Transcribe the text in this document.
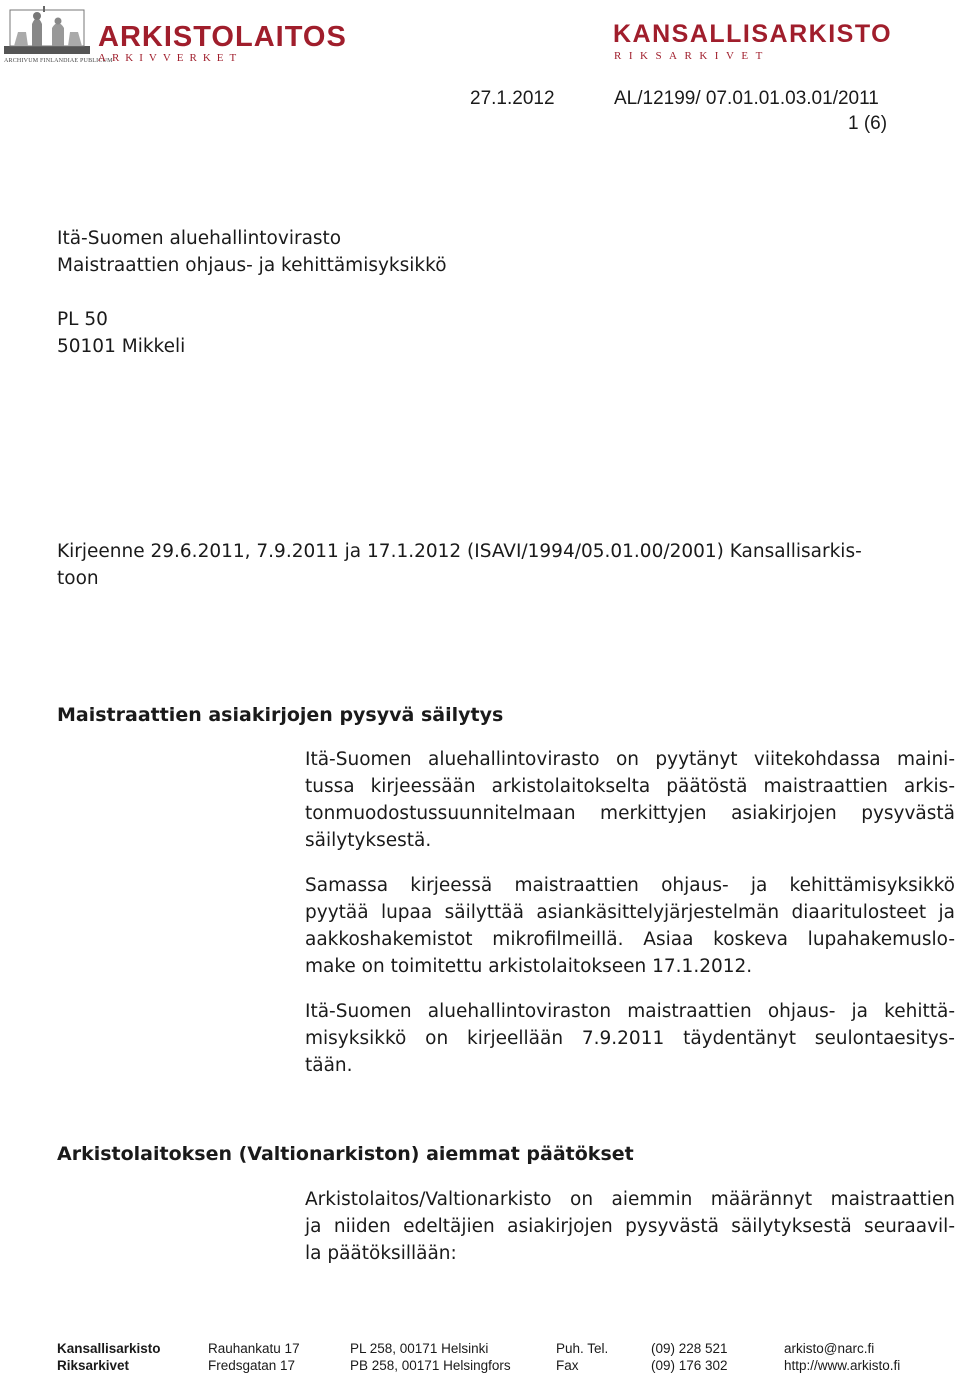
ARCHIVUM FINLANDIAE PUBLICUM
ARKISTOLAITOS
ARKIVVERKET
KANSALLISARKISTO
RIKSARKIVET
27.1.2012	AL/12199/ 07.01.01.03.01/2011
1 (6)
Itä-Suomen aluehallintovirasto
Maistraattien ohjaus- ja kehittämisyksikkö
PL 50
50101 Mikkeli
Kirjeenne 29.6.2011, 7.9.2011 ja 17.1.2012 (ISAVI/1994/05.01.00/2001) Kansallisarkis-
toon
Maistraattien asiakirjojen pysyvä säilytys
Itä-Suomen aluehallintovirasto on pyytänyt viitekohdassa maini-
tussa kirjeessään arkistolaitokselta päätöstä maistraattien arkis-
tonmuodostussuunnitelmaan merkittyjen asiakirjojen pysyvästä
säilytyksestä.
Samassa kirjeessä maistraattien ohjaus- ja kehittämisyksikkö
pyytää lupaa säilyttää asiankäsittelyjärjestelmän diaaritulosteet ja
aakkoshakemistot mikrofilmeillä. Asiaa koskeva lupahakemuslo-
make on toimitettu arkistolaitokseen 17.1.2012.
Itä-Suomen aluehallintoviraston maistraattien ohjaus- ja kehittä-
misyksikkö on kirjeellään 7.9.2011 täydentänyt seulontaesitys-
tään.
Arkistolaitoksen (Valtionarkiston) aiemmat päätökset
Arkistolaitos/Valtionarkisto on aiemmin määrännyt maistraattien
ja niiden edeltäjien asiakirjojen pysyvästä säilytyksestä seuraavil-
la päätöksillään:
Kansallisarkisto	Rauhankatu 17	PL 258, 00171 Helsinki	Puh. Tel.	(09) 228 521	arkisto@narc.fi
Riksarkivet	Fredsgatan 17	PB 258, 00171 Helsingfors	Fax	(09) 176 302	http://www.arkisto.fi
